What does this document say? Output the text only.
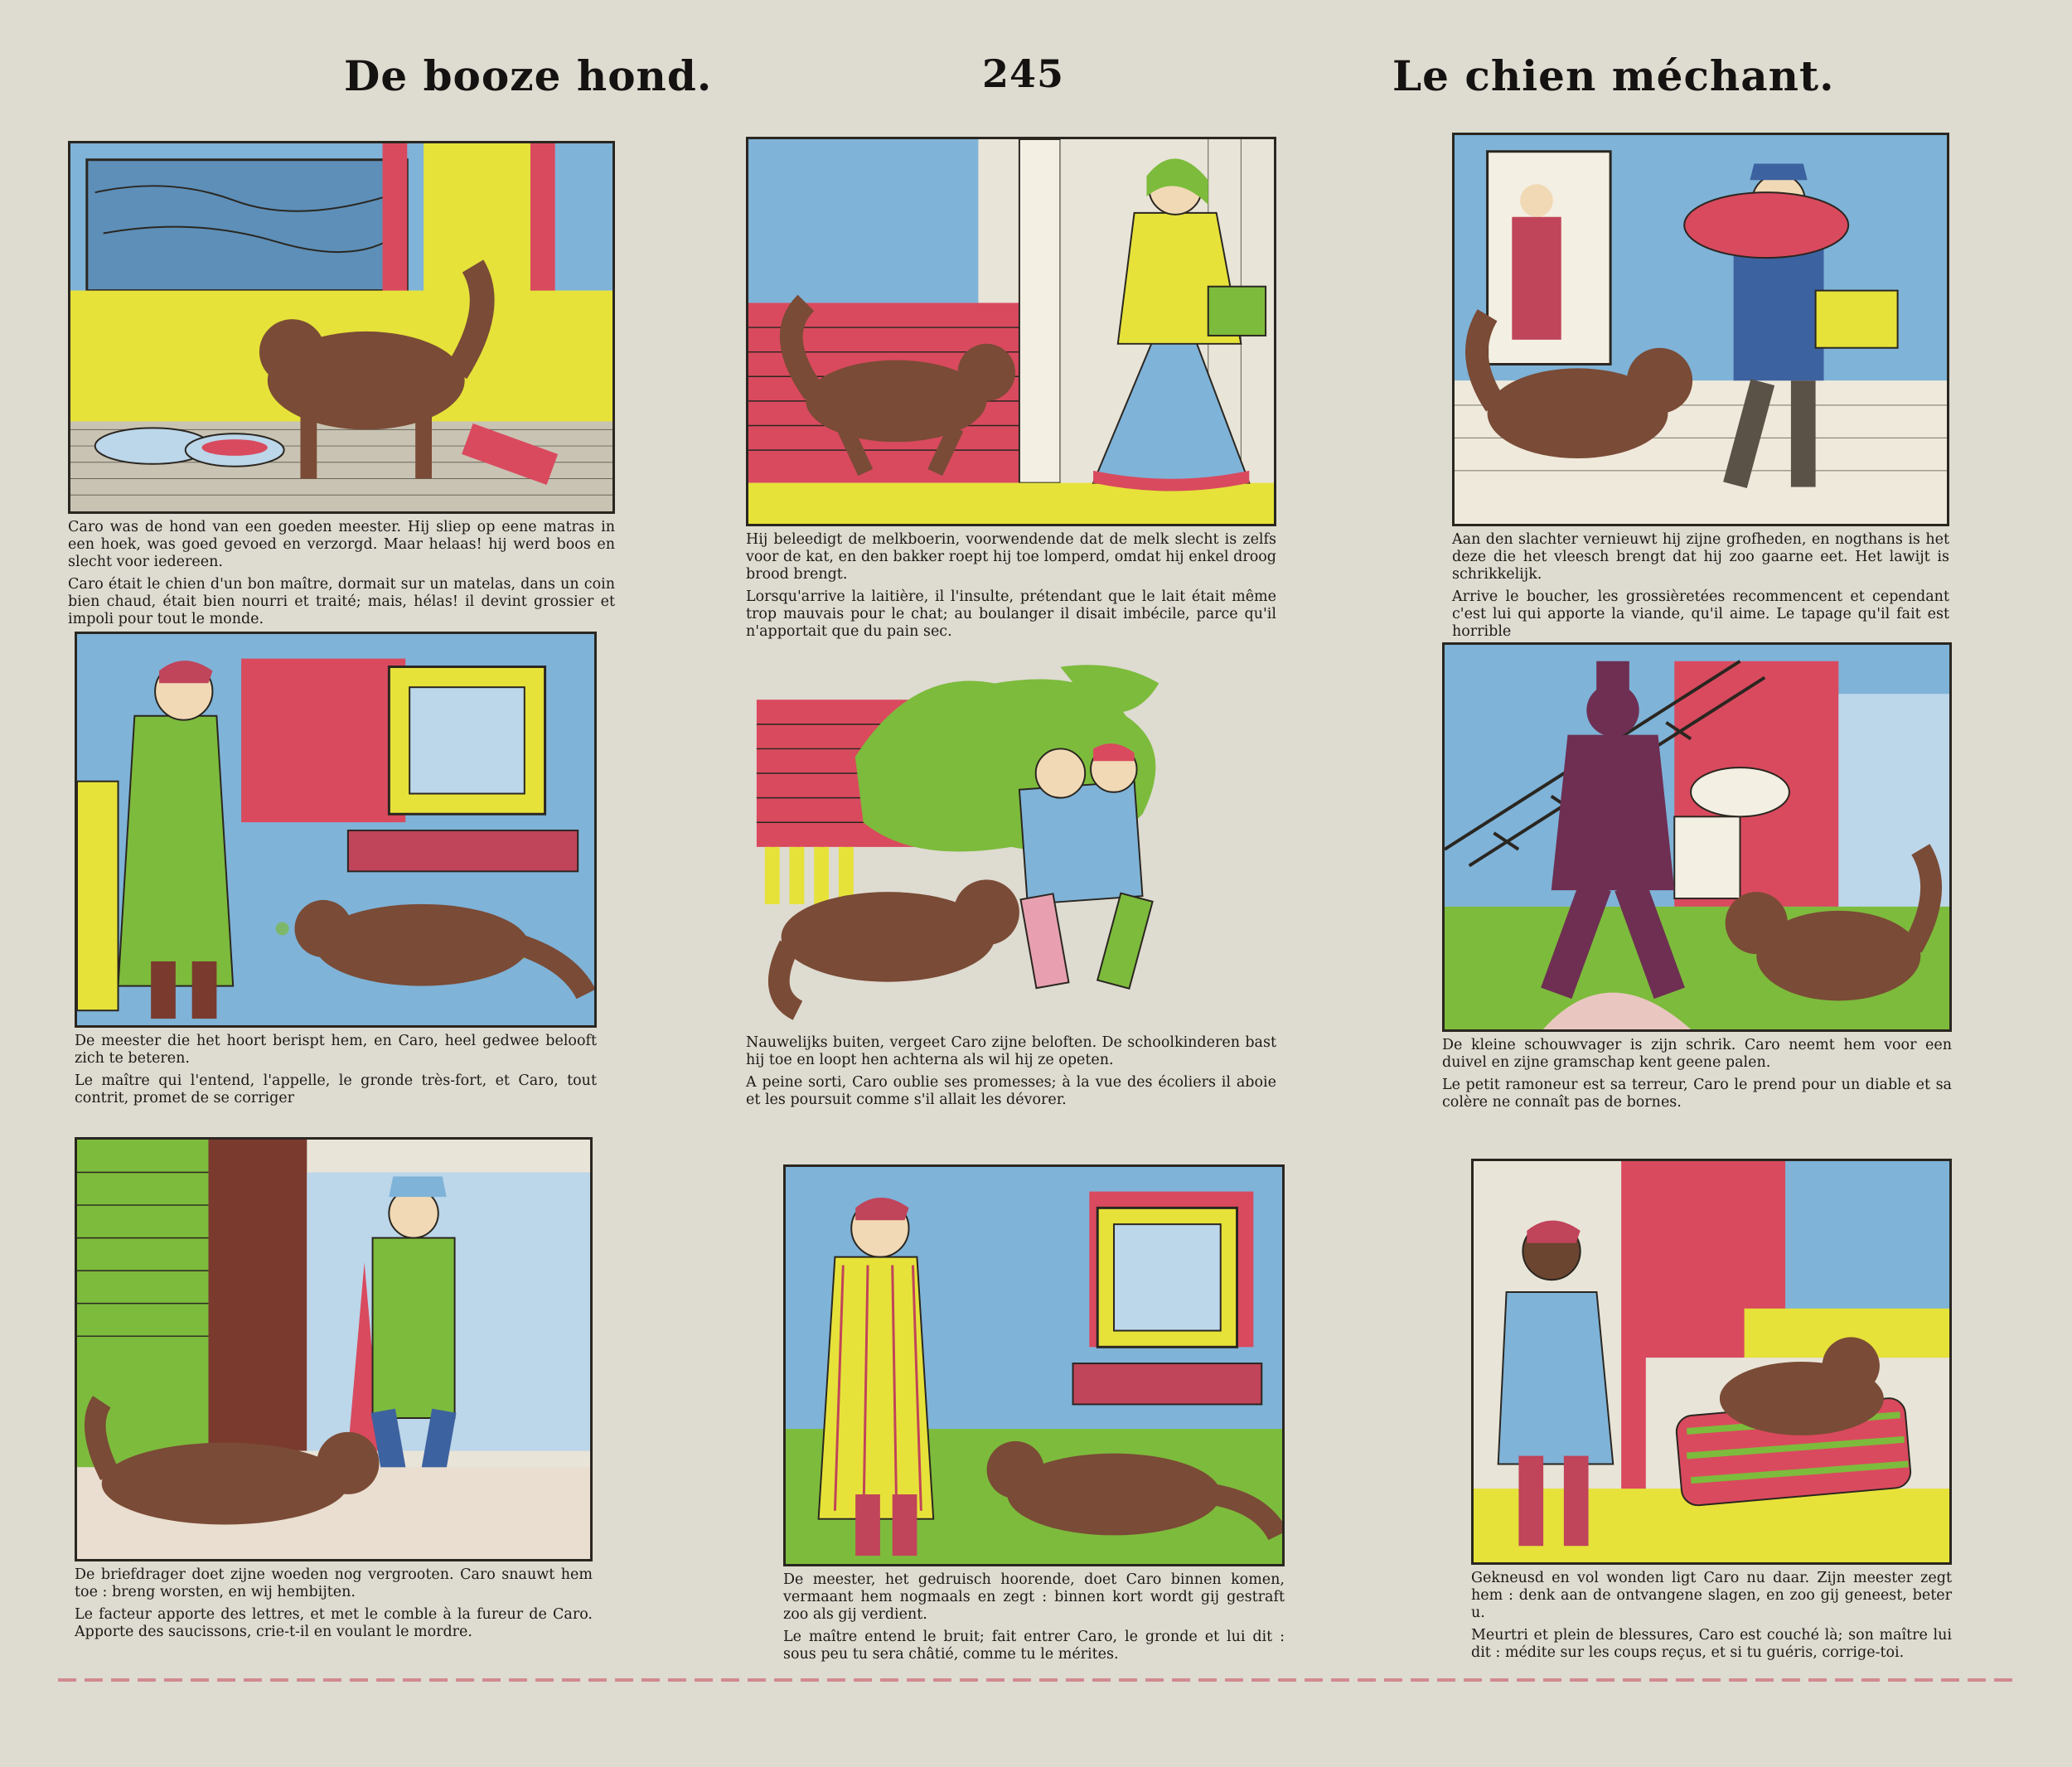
De booze hond.	245	Le chien méchant.

Caro was de hond van een goeden meester. Hij sliep op eene matras in een hoek, was goed gevoed en verzorgd. Maar helaas! hij werd boos en slecht voor iedereen.

Caro était le chien d'un bon maître, dormait sur un matelas, dans un coin bien chaud, était bien nourri et traité; mais, hélas! il devint grossier et impoli pour tout le monde.

Hij beleedigt de melkboerin, voorwendende dat de melk slecht is zelfs voor de kat, en den bakker roept hij toe lomperd, omdat hij enkel droog brood brengt.

Lorsqu'arrive la laitière, il l'insulte, prétendant que le lait était même trop mauvais pour le chat; au boulanger il disait imbécile, parce qu'il n'apportait que du pain sec.

Aan den slachter vernieuwt hij zijne grofheden, en nogthans is het deze die het vleesch brengt dat hij zoo gaarne eet. Het lawijt is schrikkelijk.

Arrive le boucher, les grossièretées recommencent et cependant c'est lui qui apporte la viande, qu'il aime. Le tapage qu'il fait est horrible

De meester die het hoort berispt hem, en Caro, heel gedwee belooft zich te beteren.

Le maître qui l'entend, l'appelle, le gronde très-fort, et Caro, tout contrit, promet de se corriger

Nauwelijks buiten, vergeet Caro zijne beloften. De schoolkinderen bast hij toe en loopt hen achterna als wil hij ze opeten.

A peine sorti, Caro oublie ses promesses; à la vue des écoliers il aboie et les poursuit comme s'il allait les dévorer.

De kleine schouwvager is zijn schrik. Caro neemt hem voor een duivel en zijne gramschap kent geene palen.

Le petit ramoneur est sa terreur, Caro le prend pour un diable et sa colère ne connaît pas de bornes.

De briefdrager doet zijne woeden nog vergrooten. Caro snauwt hem toe : breng worsten, en wij hembijten.

Le facteur apporte des lettres, et met le comble à la fureur de Caro. Apporte des saucissons, crie-t-il en voulant le mordre.

De meester, het gedruisch hoorende, doet Caro binnen komen, vermaant hem nogmaals en zegt : binnen kort wordt gij gestraft zoo als gij verdient.

Le maître entend le bruit; fait entrer Caro, le gronde et lui dit : sous peu tu sera châtié, comme tu le mérites.

Gekneusd en vol wonden ligt Caro nu daar. Zijn meester zegt hem : denk aan de ontvangene slagen, en zoo gij geneest, beter u.

Meurtri et plein de blessures, Caro est couché là; son maître lui dit : médite sur les coups reçus, et si tu guéris, corrige-toi.
